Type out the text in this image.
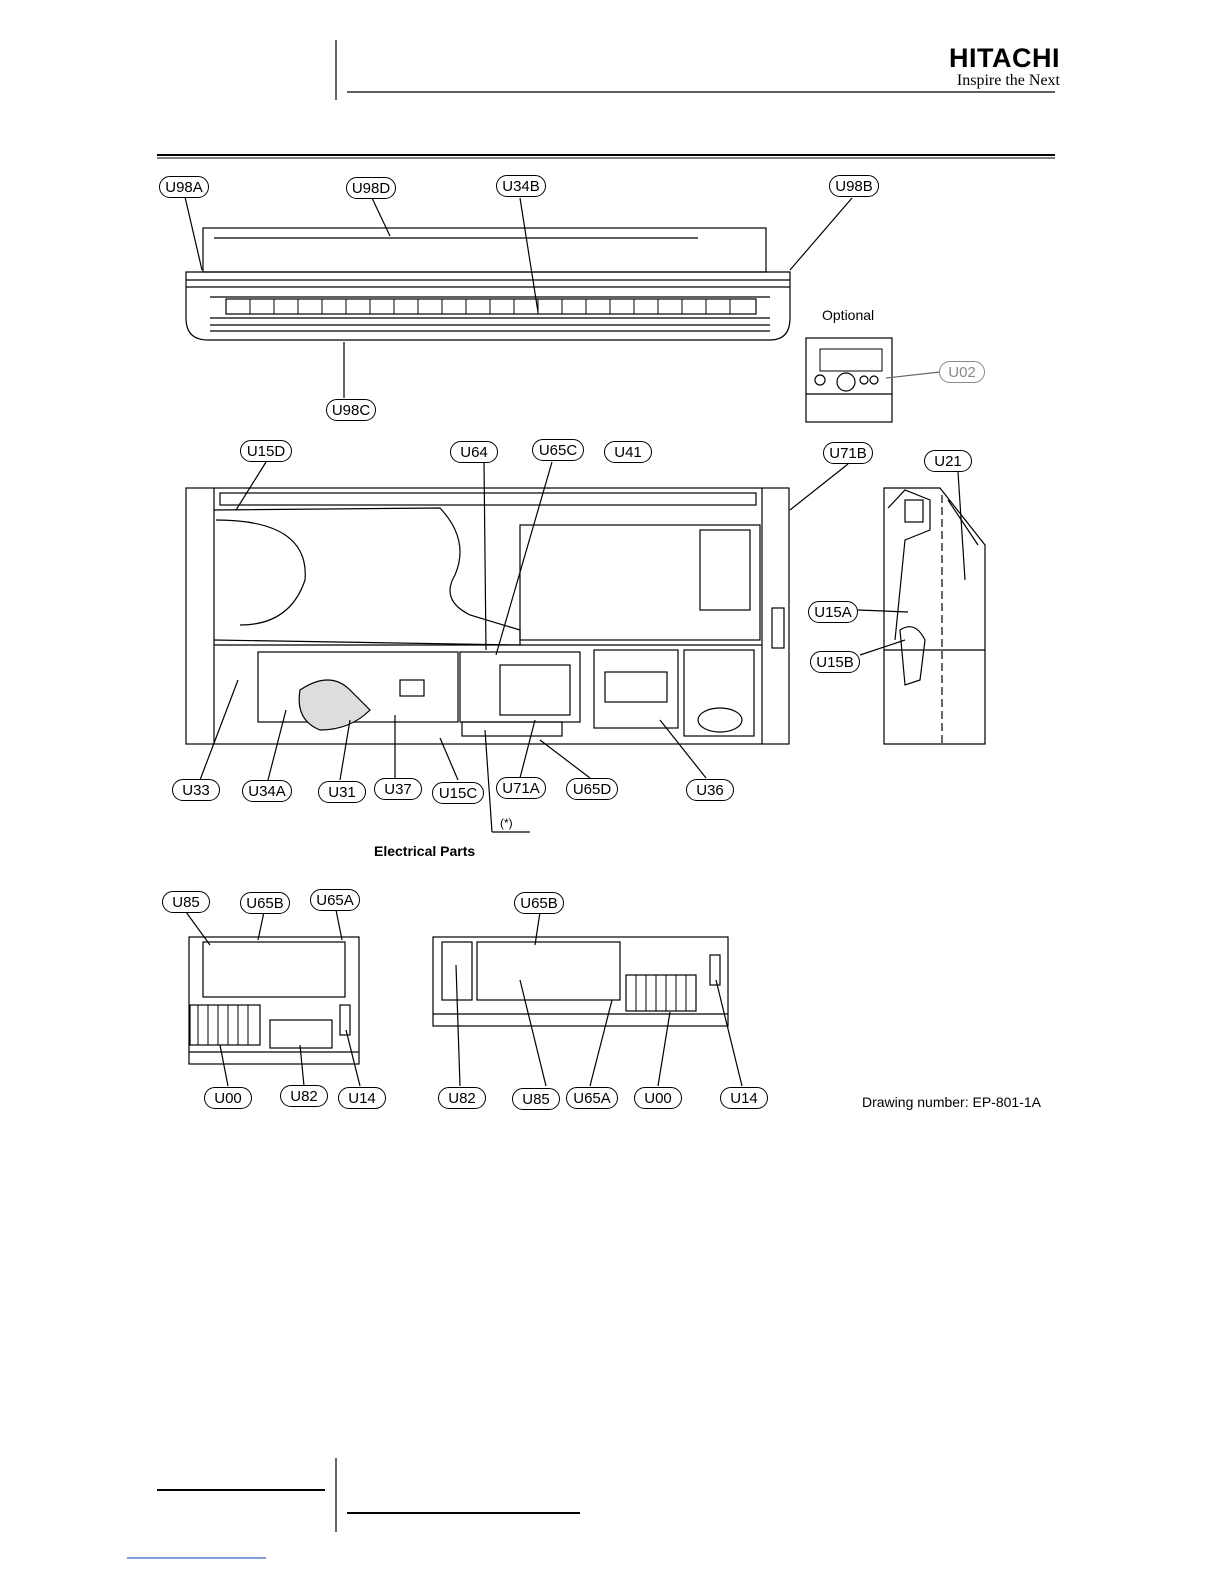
HITACHI
Inspire the Next
Optional
Electrical Parts
Drawing number: EP-801-1A
(*)
U98A	U98D	U34B	U98B
U98C
U02
U15D	U64	U65C	U41	U71B	U21
U15A
U15B
U33	U34A	U31	U37	U15C	U71A	U65D	U36
U85	U65B	U65A
U00	U82	U14
U65B
U82	U85	U65A	U00	U14
